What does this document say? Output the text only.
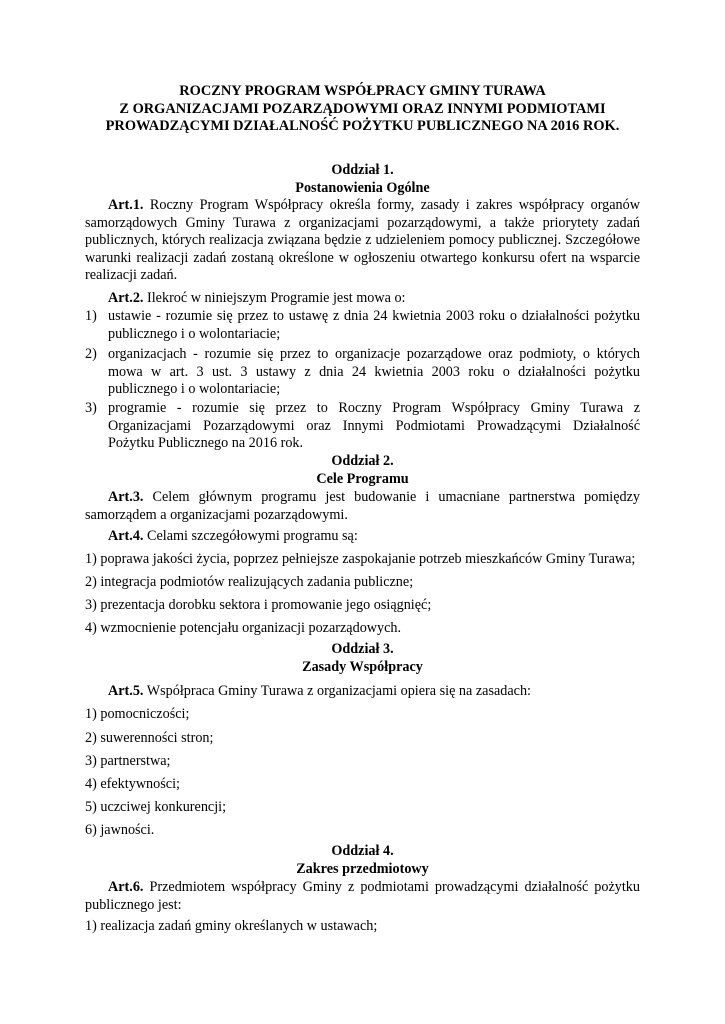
ROCZNY PROGRAM WSPÓŁPRACY GMINY TURAWA
Z ORGANIZACJAMI POZARZĄDOWYMI ORAZ INNYMI PODMIOTAMI
PROWADZĄCYMI DZIAŁALNOŚĆ POŻYTKU PUBLICZNEGO NA 2016 ROK.
Oddział 1.
Postanowienia Ogólne
Art.1. Roczny Program Współpracy określa formy, zasady i zakres współpracy organów samorządowych Gminy Turawa z organizacjami pozarządowymi, a także priorytety zadań publicznych, których realizacja związana będzie z udzieleniem pomocy publicznej. Szczegółowe warunki realizacji zadań zostaną określone w ogłoszeniu otwartego konkursu ofert na wsparcie realizacji zadań.
Art.2. Ilekroć w niniejszym Programie jest mowa o:
1) ustawie - rozumie się przez to ustawę z dnia 24 kwietnia 2003 roku o działalności pożytku publicznego i o wolontariacie;
2) organizacjach - rozumie się przez to organizacje pozarządowe oraz podmioty, o których mowa w art. 3 ust. 3 ustawy z dnia 24 kwietnia 2003 roku o działalności pożytku publicznego i o wolontariacie;
3) programie - rozumie się przez to Roczny Program Współpracy Gminy Turawa z Organizacjami Pozarządowymi oraz Innymi Podmiotami Prowadzącymi Działalność Pożytku Publicznego na 2016 rok.
Oddział 2.
Cele Programu
Art.3. Celem głównym programu jest budowanie i umacniane partnerstwa pomiędzy samorządem a organizacjami pozarządowymi.
Art.4. Celami szczegółowymi programu są:
1) poprawa jakości życia, poprzez pełniejsze zaspokajanie potrzeb mieszkańców Gminy Turawa;
2) integracja podmiotów realizujących zadania publiczne;
3) prezentacja dorobku sektora i promowanie jego osiągnięć;
4) wzmocnienie potencjału organizacji pozarządowych.
Oddział 3.
Zasady Współpracy
Art.5. Współpraca Gminy Turawa z organizacjami opiera się na zasadach:
1) pomocniczości;
2) suwerenności stron;
3) partnerstwa;
4) efektywności;
5) uczciwej konkurencji;
6) jawności.
Oddział 4.
Zakres przedmiotowy
Art.6. Przedmiotem współpracy Gminy z podmiotami prowadzącymi działalność pożytku publicznego jest:
1) realizacja zadań gminy określanych w ustawach;
